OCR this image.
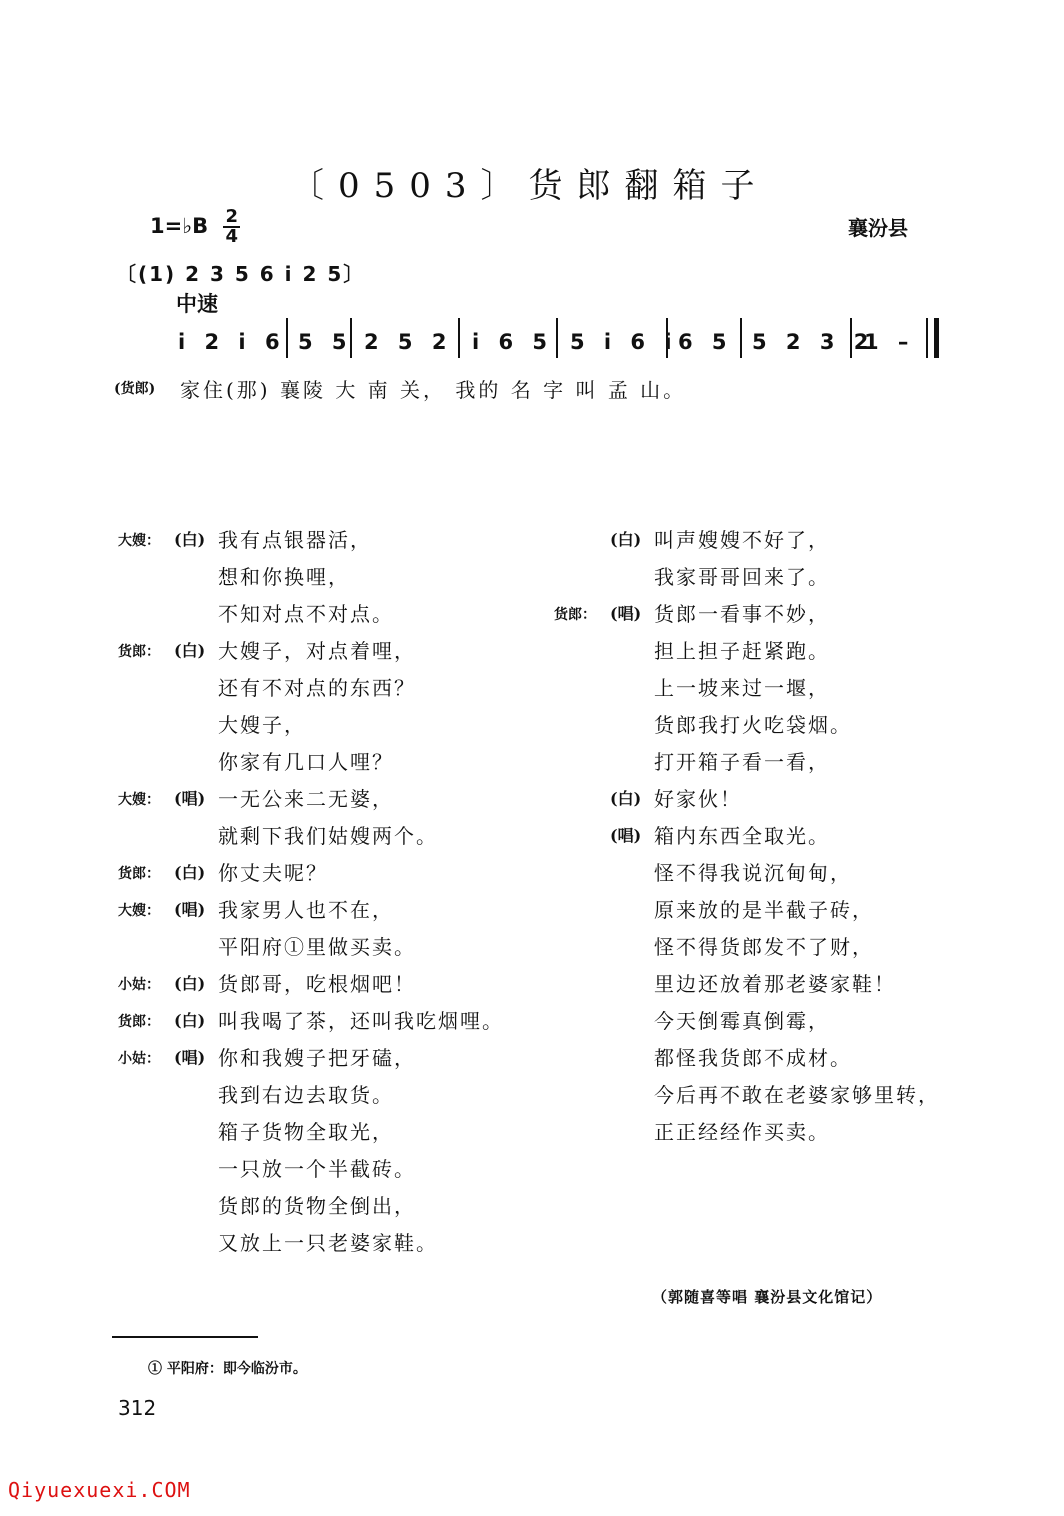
〔0503〕货郎翻箱子
1=♭B $\frac{2}{4}$	襄汾县
〔(1) 2 3 5 6 i 2 5〕
中速
i 2 i 6 5 5 2 5 2 i 6 5 5 i 6 i 6 5 5 2 3 2
1 –
(货郎) 家住(那) 襄陵 大 南 关， 我的 名 字 叫 孟 山。
大嫂： (白) 我有点银器活，
想和你换哩，
不知对点不对点。
货郎： (白) 大嫂子，对点着哩，
还有不对点的东西？
大嫂子，
你家有几口人哩？
大嫂： (唱) 一无公来二无婆，
就剩下我们姑嫂两个。
货郎： (白) 你丈夫呢？
大嫂： (唱) 我家男人也不在，
平阳府①里做买卖。
小姑： (白) 货郎哥，吃根烟吧！
货郎： (白) 叫我喝了茶，还叫我吃烟哩。
小姑： (唱) 你和我嫂子把牙磕，
我到右边去取货。
箱子货物全取光，
一只放一个半截砖。
货郎的货物全倒出，
又放上一只老婆家鞋。
(白) 叫声嫂嫂不好了，
我家哥哥回来了。
货郎： (唱) 货郎一看事不妙，
担上担子赶紧跑。
上一坡来过一堰，
货郎我打火吃袋烟。
打开箱子看一看，
(白) 好家伙！
(唱) 箱内东西全取光。
怪不得我说沉甸甸，
原来放的是半截子砖，
怪不得货郎发不了财，
里边还放着那老婆家鞋！
今天倒霉真倒霉，
都怪我货郎不成材。
今后再不敢在老婆家够里转，
正正经经作买卖。
（郭随喜等唱 襄汾县文化馆记）
① 平阳府：即今临汾市。
312
Qiyuexuexi.COM
